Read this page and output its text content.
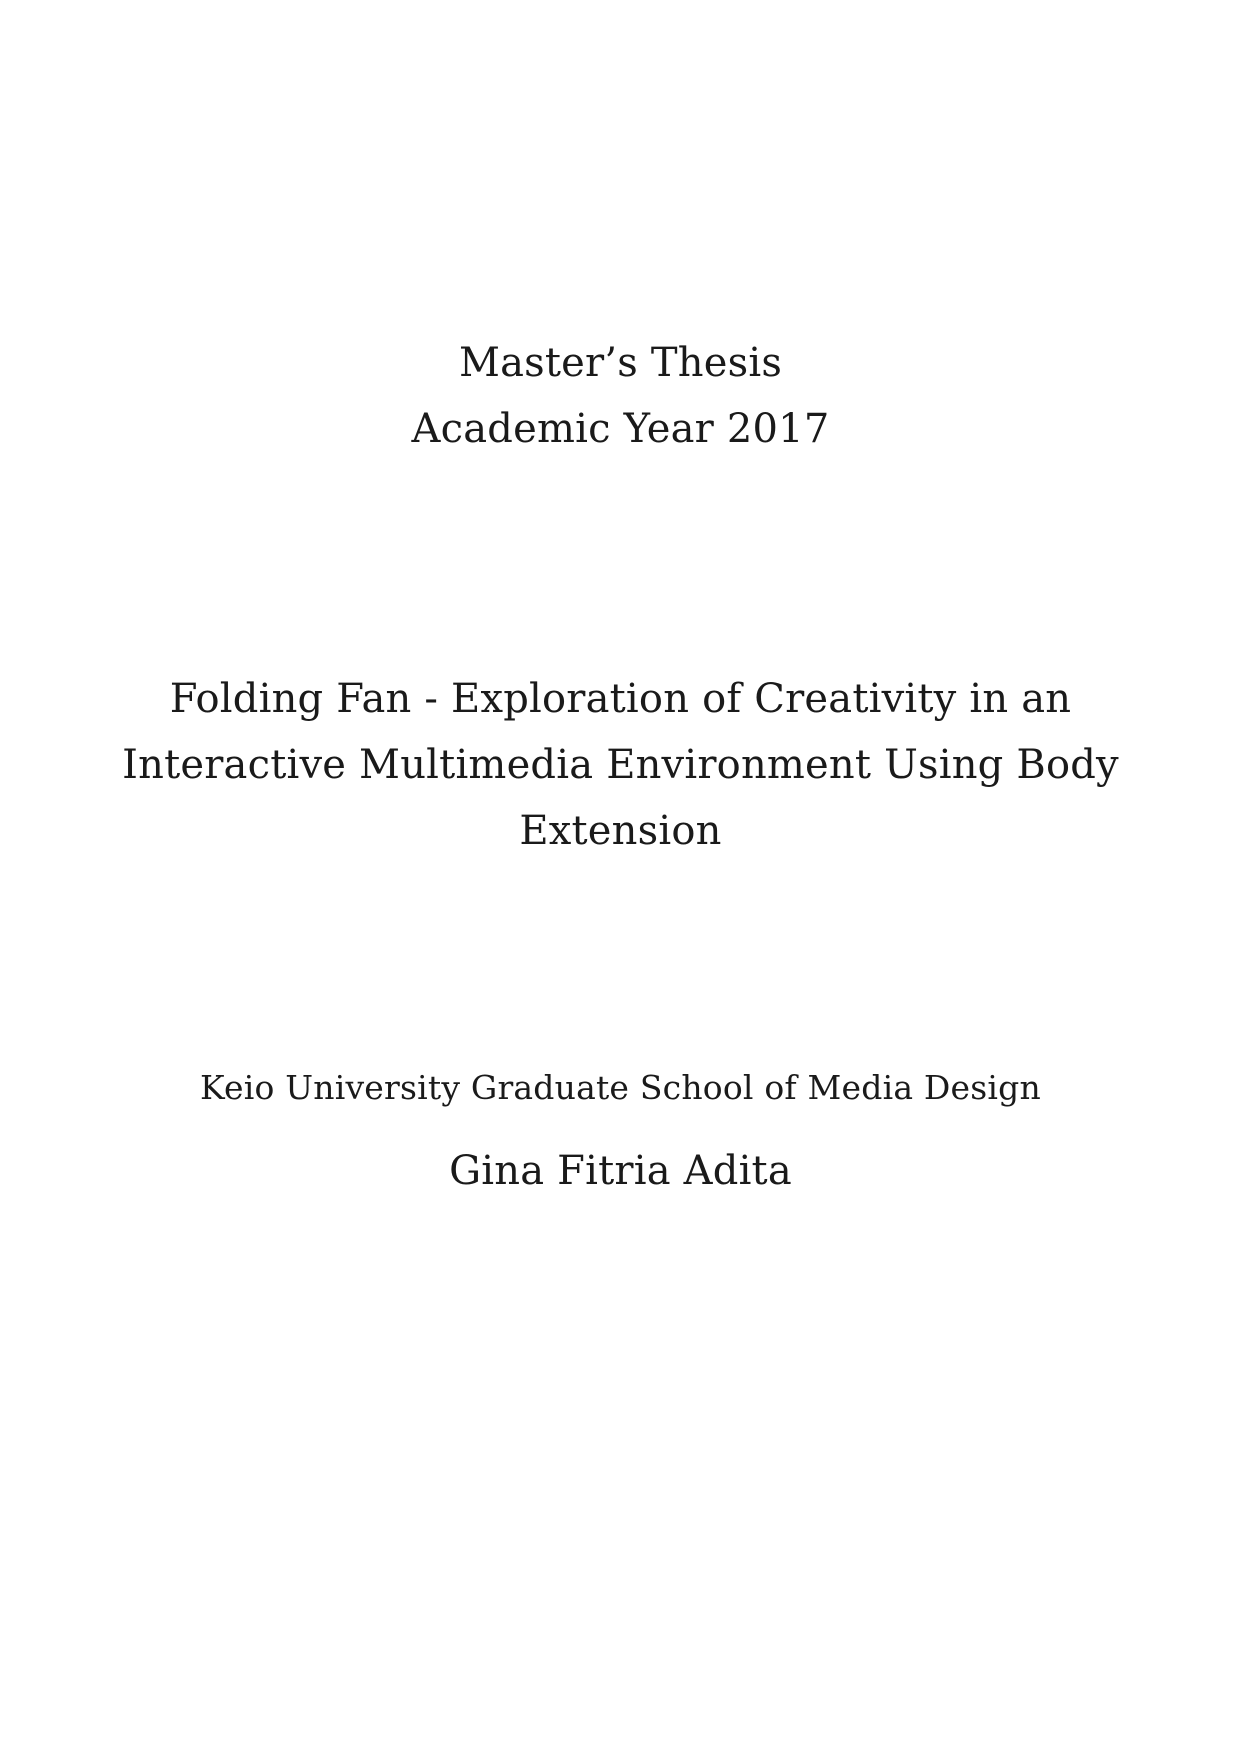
Master’s Thesis
Academic Year 2017
Folding Fan - Exploration of Creativity in an
Interactive Multimedia Environment Using Body
Extension
Keio University Graduate School of Media Design
Gina Fitria Adita
